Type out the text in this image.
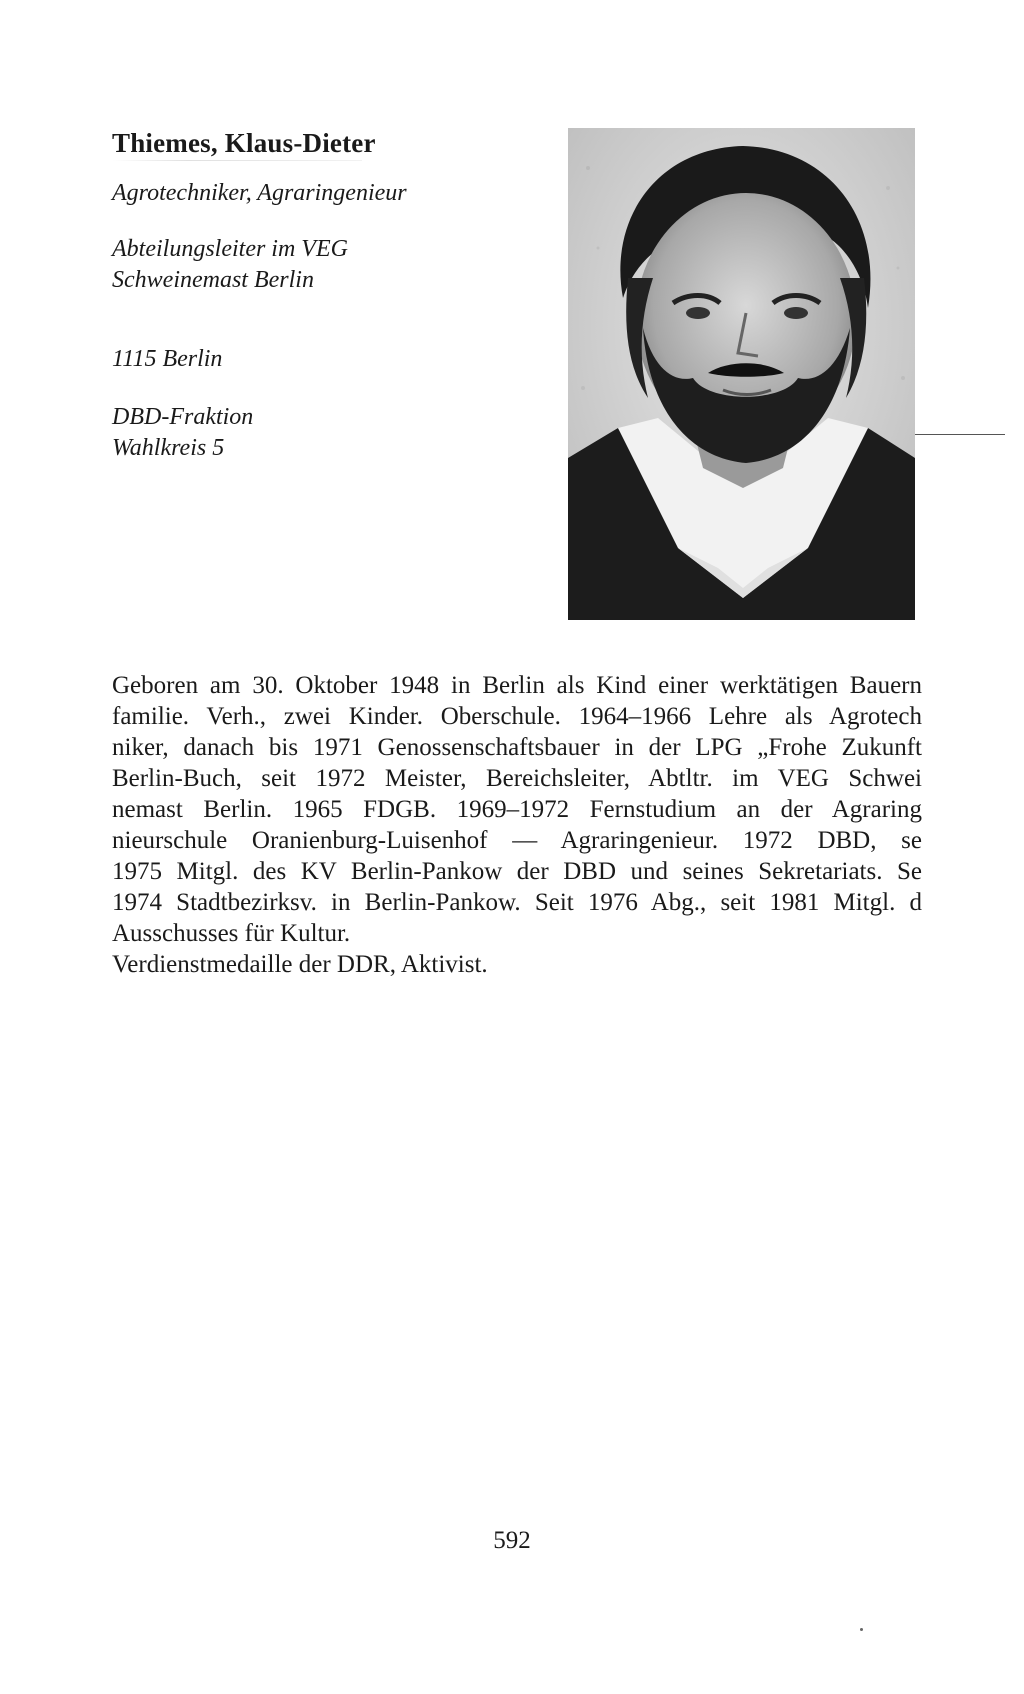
Thiemes, Klaus-Dieter

Agrotechniker, Agraringenieur

Abteilungsleiter im VEG

Schweinemast Berlin

1115 Berlin

DBD-Fraktion

Wahlkreis 5

Geboren am 30. Oktober 1948 in Berlin als Kind einer werktätigen Bauern
familie. Verh., zwei Kinder. Oberschule. 1964–1966 Lehre als Agrotech
niker, danach bis 1971 Genossenschaftsbauer in der LPG „Frohe Zukunft
Berlin-Buch, seit 1972 Meister, Bereichsleiter, Abtltr. im VEG Schwei
nemast Berlin. 1965 FDGB. 1969–1972 Fernstudium an der Agraring
nieurschule Oranienburg-Luisenhof — Agraringenieur. 1972 DBD, se
1975 Mitgl. des KV Berlin-Pankow der DBD und seines Sekretariats. Se
1974 Stadtbezirksv. in Berlin-Pankow. Seit 1976 Abg., seit 1981 Mitgl. d
Ausschusses für Kultur.
Verdienstmedaille der DDR, Aktivist.

592
